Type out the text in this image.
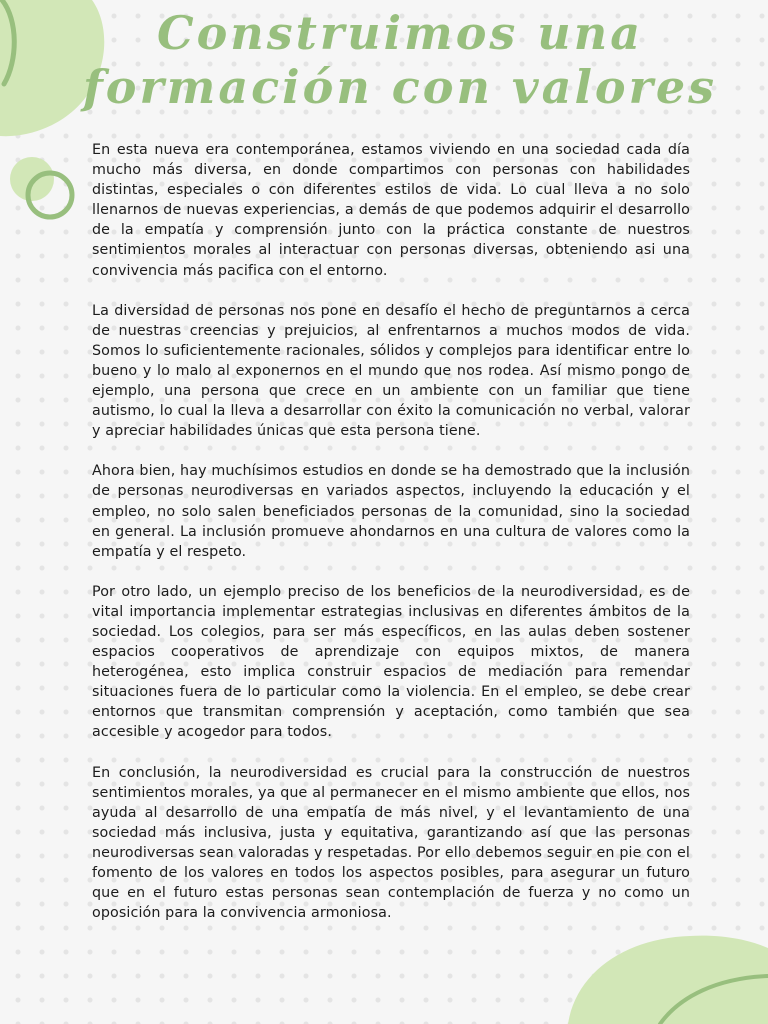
Construimos una
formación con valores

En esta nueva era contemporánea, estamos viviendo en una sociedad cada día mucho más diversa, en donde compartimos con personas con habilidades distintas, especiales o con diferentes estilos de vida. Lo cual lleva a no solo llenarnos de nuevas experiencias, a demás de que podemos adquirir el desarrollo de la empatía y comprensión junto con la práctica constante de nuestros sentimientos morales al interactuar con personas diversas, obteniendo asi una convivencia más pacifica con el entorno.

La diversidad de personas nos pone en desafío el hecho de preguntarnos a cerca de nuestras creencias y prejuicios, al enfrentarnos a muchos modos de vida. Somos lo suficientemente racionales, sólidos y complejos para identificar entre lo bueno y lo malo al exponernos en el mundo que nos rodea. Así mismo pongo de ejemplo, una persona que crece en un ambiente con un familiar que tiene autismo, lo cual la lleva a desarrollar con éxito la comunicación no verbal, valorar y apreciar habilidades únicas que esta persona tiene.

Ahora bien, hay muchísimos estudios en donde se ha demostrado que la inclusión de personas neurodiversas en variados aspectos, incluyendo la educación y el empleo, no solo salen beneficiados personas de la comunidad, sino la sociedad en general. La inclusión promueve ahondarnos en una cultura de valores como la empatía y el respeto.

Por otro lado, un ejemplo preciso de los beneficios de la neurodiversidad, es de vital importancia implementar estrategias inclusivas en diferentes ámbitos de la sociedad. Los colegios, para ser más específicos, en las aulas deben sostener espacios cooperativos de aprendizaje con equipos mixtos, de manera heterogénea, esto implica construir espacios de mediación para remendar situaciones fuera de lo particular como la violencia. En el empleo, se debe crear entornos que transmitan comprensión y aceptación, como también que sea accesible y acogedor para todos.

En conclusión, la neurodiversidad es crucial para la construcción de nuestros sentimientos morales, ya que al permanecer en el mismo ambiente que ellos, nos ayuda al desarrollo de una empatía de más nivel, y el levantamiento de una sociedad más inclusiva, justa y equitativa, garantizando así que las personas neurodiversas sean valoradas y respetadas. Por ello debemos seguir en pie con el fomento de los valores en todos los aspectos posibles, para asegurar un futuro que en el futuro estas personas sean contemplación de fuerza y no como un oposición para la convivencia armoniosa.
